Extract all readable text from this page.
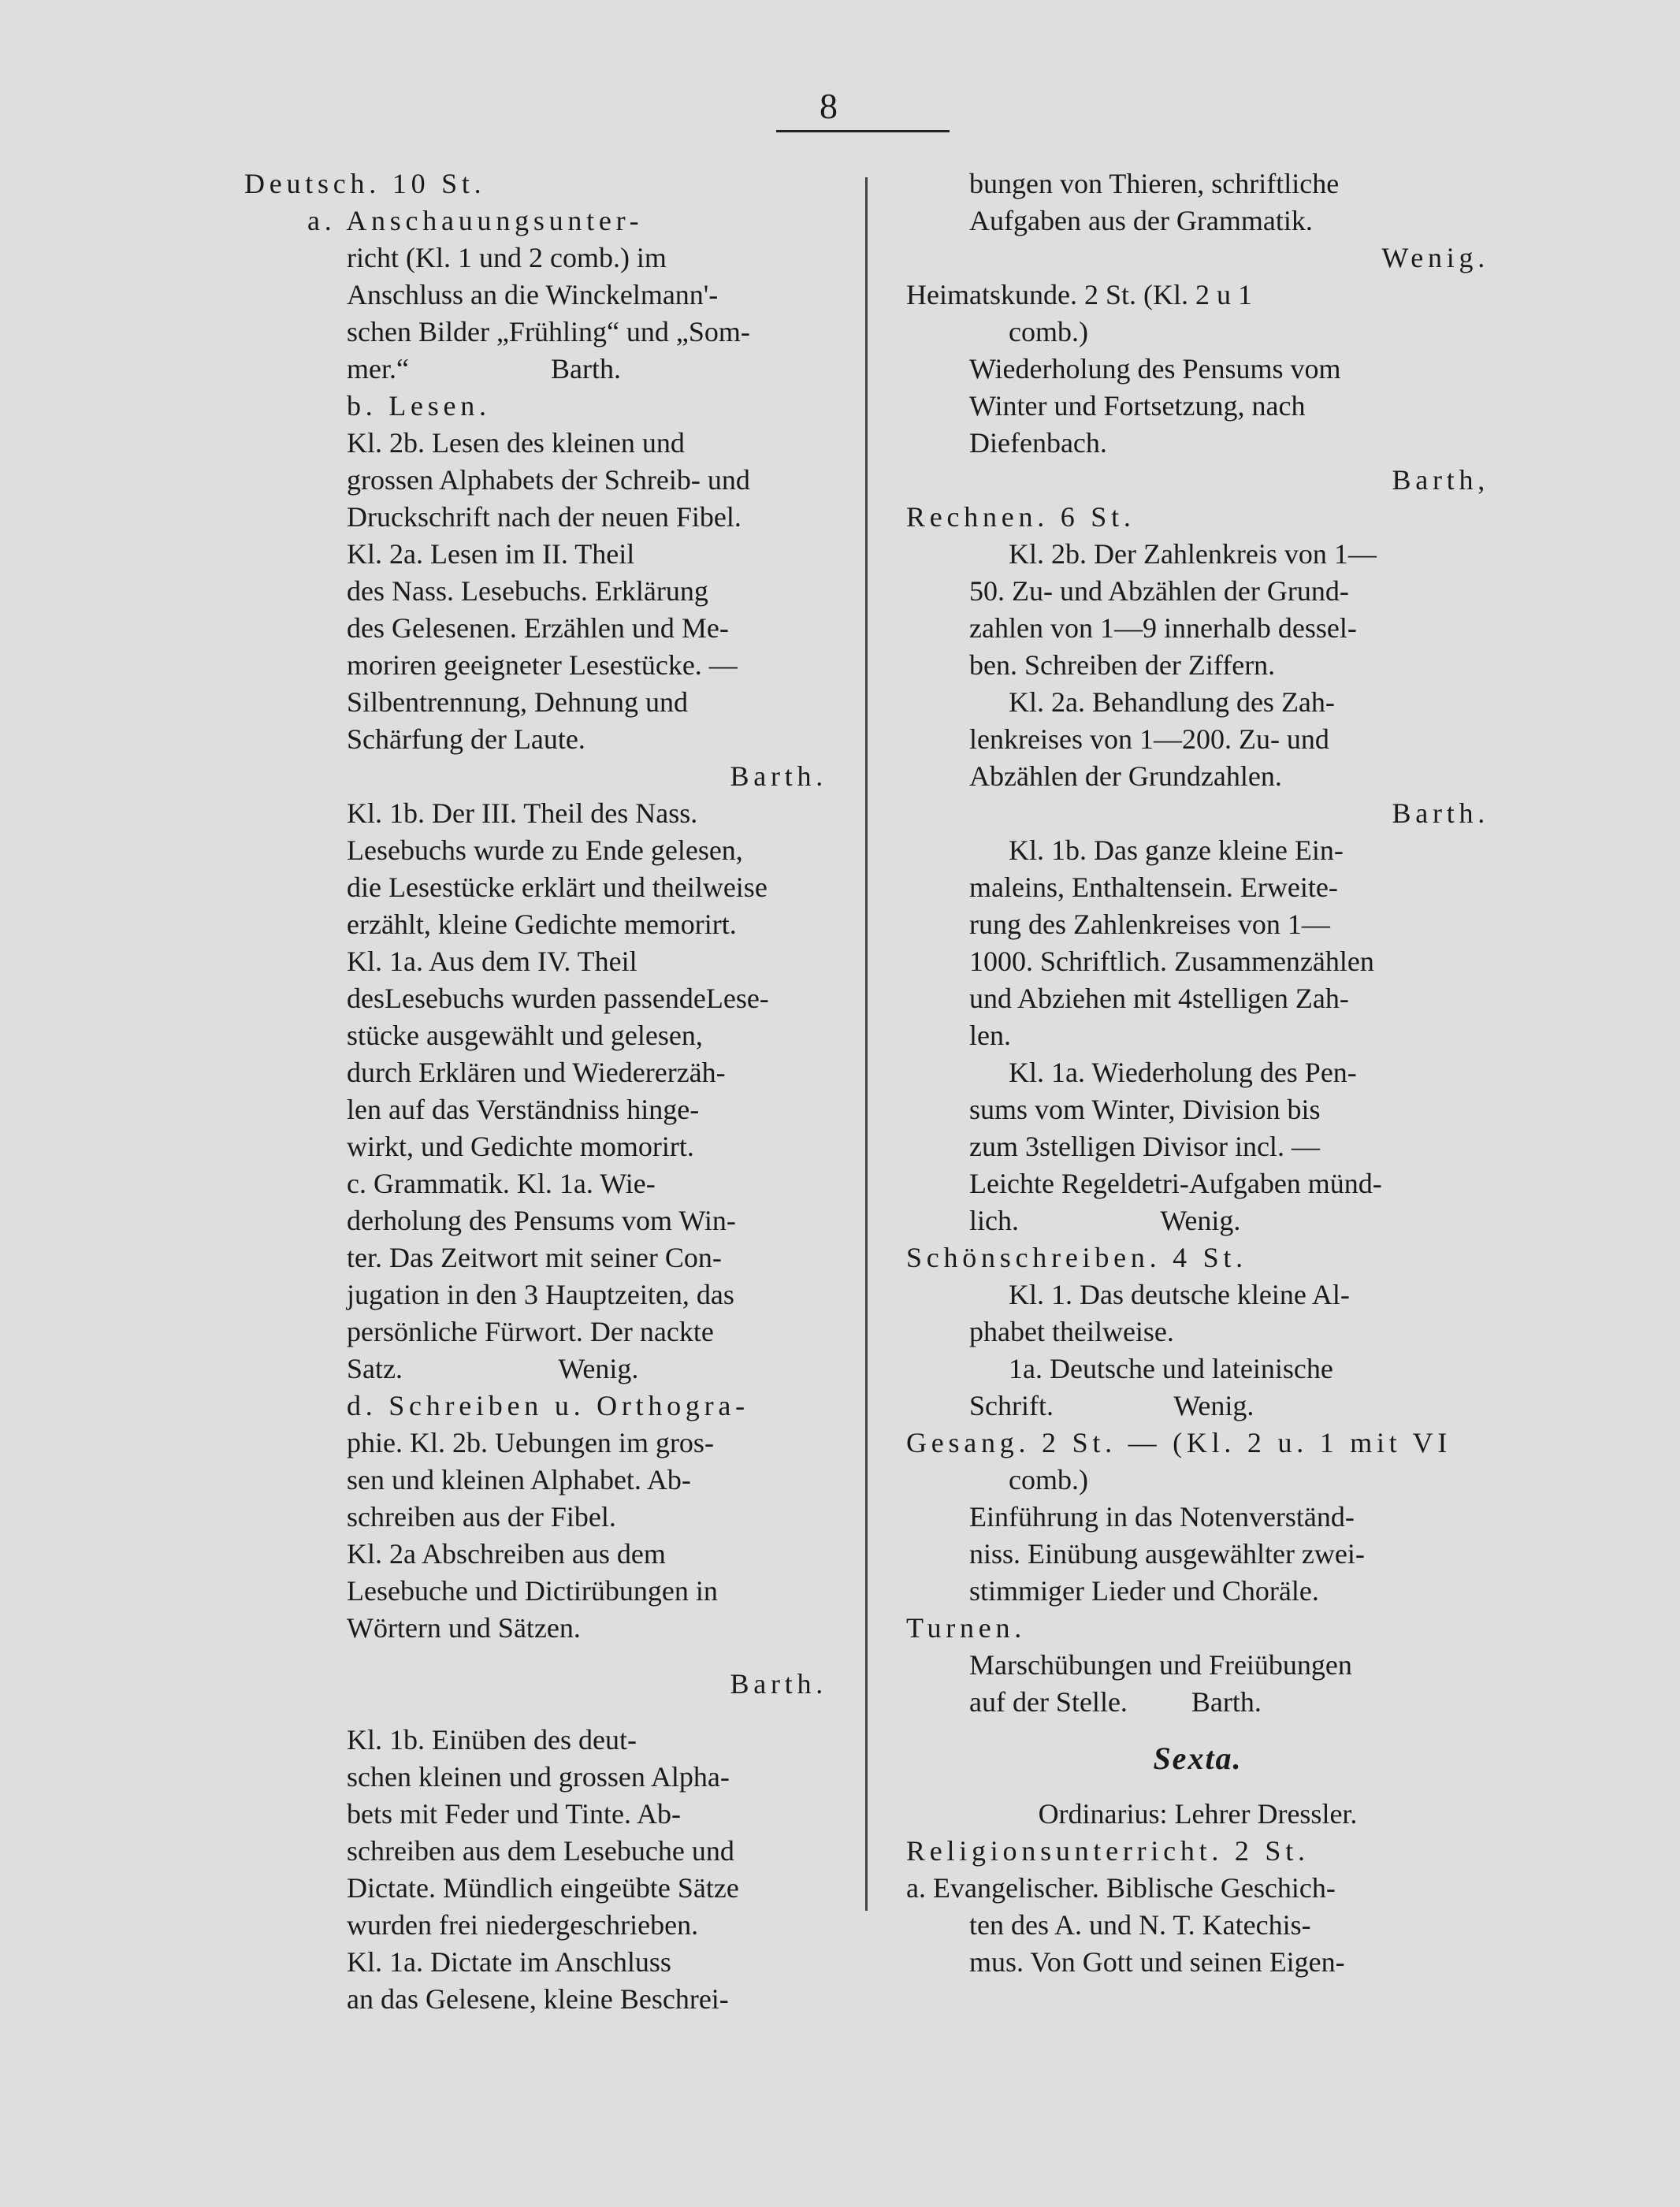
8
Deutsch. 10 St.
a. Anschauungsunter-
richt (Kl. 1 und 2 comb.) im
Anschluss an die Winckelmann'-
schen Bilder „Frühling“ und „Som-
mer.“                    Barth.
b. Lesen.
Kl. 2b. Lesen des kleinen und
grossen Alphabets der Schreib- und
Druckschrift nach der neuen Fibel.
Kl. 2a. Lesen im II. Theil
des Nass. Lesebuchs. Erklärung
des Gelesenen. Erzählen und Me-
moriren geeigneter Lesestücke. —
Silbentrennung, Dehnung und
Schärfung der Laute.
Barth.
Kl. 1b. Der III. Theil des Nass.
Lesebuchs wurde zu Ende gelesen,
die Lesestücke erklärt und theilweise
erzählt, kleine Gedichte memorirt.
Kl. 1a. Aus dem IV. Theil
desLesebuchs wurden passendeLese-
stücke ausgewählt und gelesen,
durch Erklären und Wiedererzäh-
len auf das Verständniss hinge-
wirkt, und Gedichte momorirt.
c. Grammatik. Kl. 1a. Wie-
derholung des Pensums vom Win-
ter. Das Zeitwort mit seiner Con-
jugation in den 3 Hauptzeiten, das
persönliche Fürwort. Der nackte
Satz.                      Wenig.
d. Schreiben u. Orthogra-
phie. Kl. 2b. Uebungen im gros-
sen und kleinen Alphabet. Ab-
schreiben aus der Fibel.
Kl. 2a Abschreiben aus dem
Lesebuche und Dictirübungen in
Wörtern und Sätzen.
Barth.
Kl. 1b. Einüben des deut-
schen kleinen und grossen Alpha-
bets mit Feder und Tinte. Ab-
schreiben aus dem Lesebuche und
Dictate. Mündlich eingeübte Sätze
wurden frei niedergeschrieben.
Kl. 1a. Dictate im Anschluss
an das Gelesene, kleine Beschrei-
bungen von Thieren, schriftliche
Aufgaben aus der Grammatik.
Wenig.
Heimatskunde. 2 St. (Kl. 2 u 1
comb.)
Wiederholung des Pensums vom
Winter und Fortsetzung, nach
Diefenbach.
Barth,
Rechnen. 6 St.
Kl. 2b. Der Zahlenkreis von 1—
50. Zu- und Abzählen der Grund-
zahlen von 1—9 innerhalb dessel-
ben. Schreiben der Ziffern.
Kl. 2a. Behandlung des Zah-
lenkreises von 1—200. Zu- und
Abzählen der Grundzahlen.
Barth.
Kl. 1b. Das ganze kleine Ein-
maleins, Enthaltensein. Erweite-
rung des Zahlenkreises von 1—
1000. Schriftlich. Zusammenzählen
und Abziehen mit 4stelligen Zah-
len.
Kl. 1a. Wiederholung des Pen-
sums vom Winter, Division bis
zum 3stelligen Divisor incl. —
Leichte Regeldetri-Aufgaben münd-
lich.                    Wenig.
Schönschreiben. 4 St.
Kl. 1. Das deutsche kleine Al-
phabet theilweise.
1a. Deutsche und lateinische
Schrift.                 Wenig.
Gesang. 2 St. — (Kl. 2 u. 1 mit VI
comb.)
Einführung in das Notenverständ-
niss. Einübung ausgewählter zwei-
stimmiger Lieder und Choräle.
Turnen.
Marschübungen und Freiübungen
auf der Stelle.         Barth.
Sexta.
Ordinarius: Lehrer Dressler.
Religionsunterricht. 2 St.
a. Evangelischer. Biblische Geschich-
ten des A. und N. T. Katechis-
mus. Von Gott und seinen Eigen-
